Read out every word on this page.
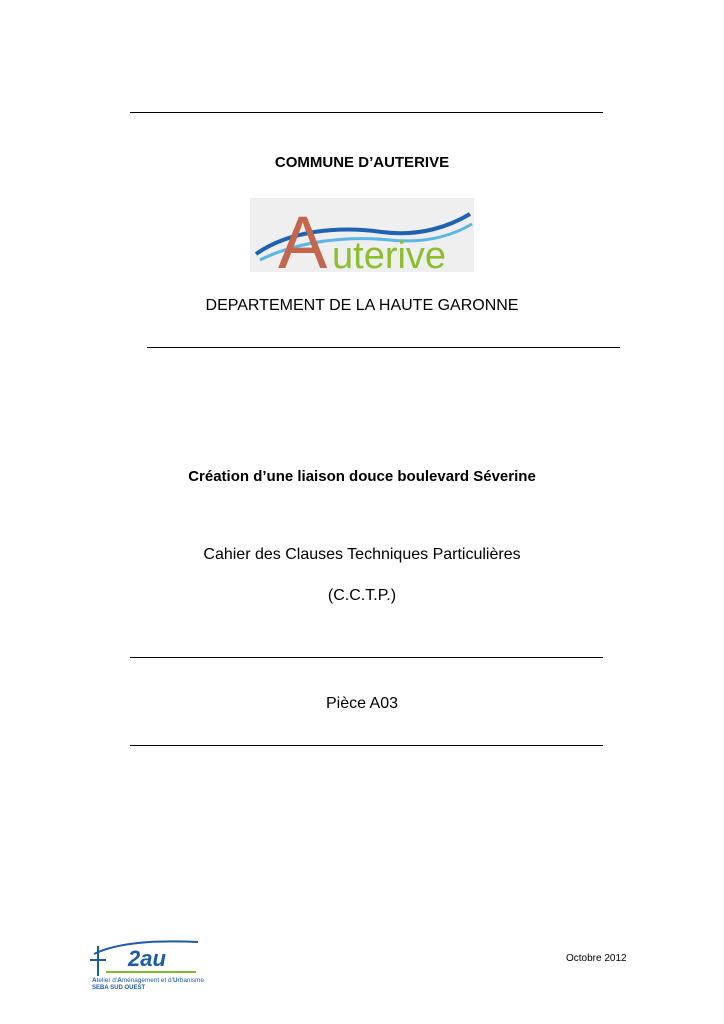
COMMUNE D’AUTERIVE
A uterive
DEPARTEMENT DE LA HAUTE GARONNE
Création d’une liaison douce boulevard Séverine
Cahier des Clauses Techniques Particulières
(C.C.T.P.)
Pièce A03
2au
Atelier d’Aménagement et d’Urbanisme
SEBA SUD OUEST
Octobre 2012
